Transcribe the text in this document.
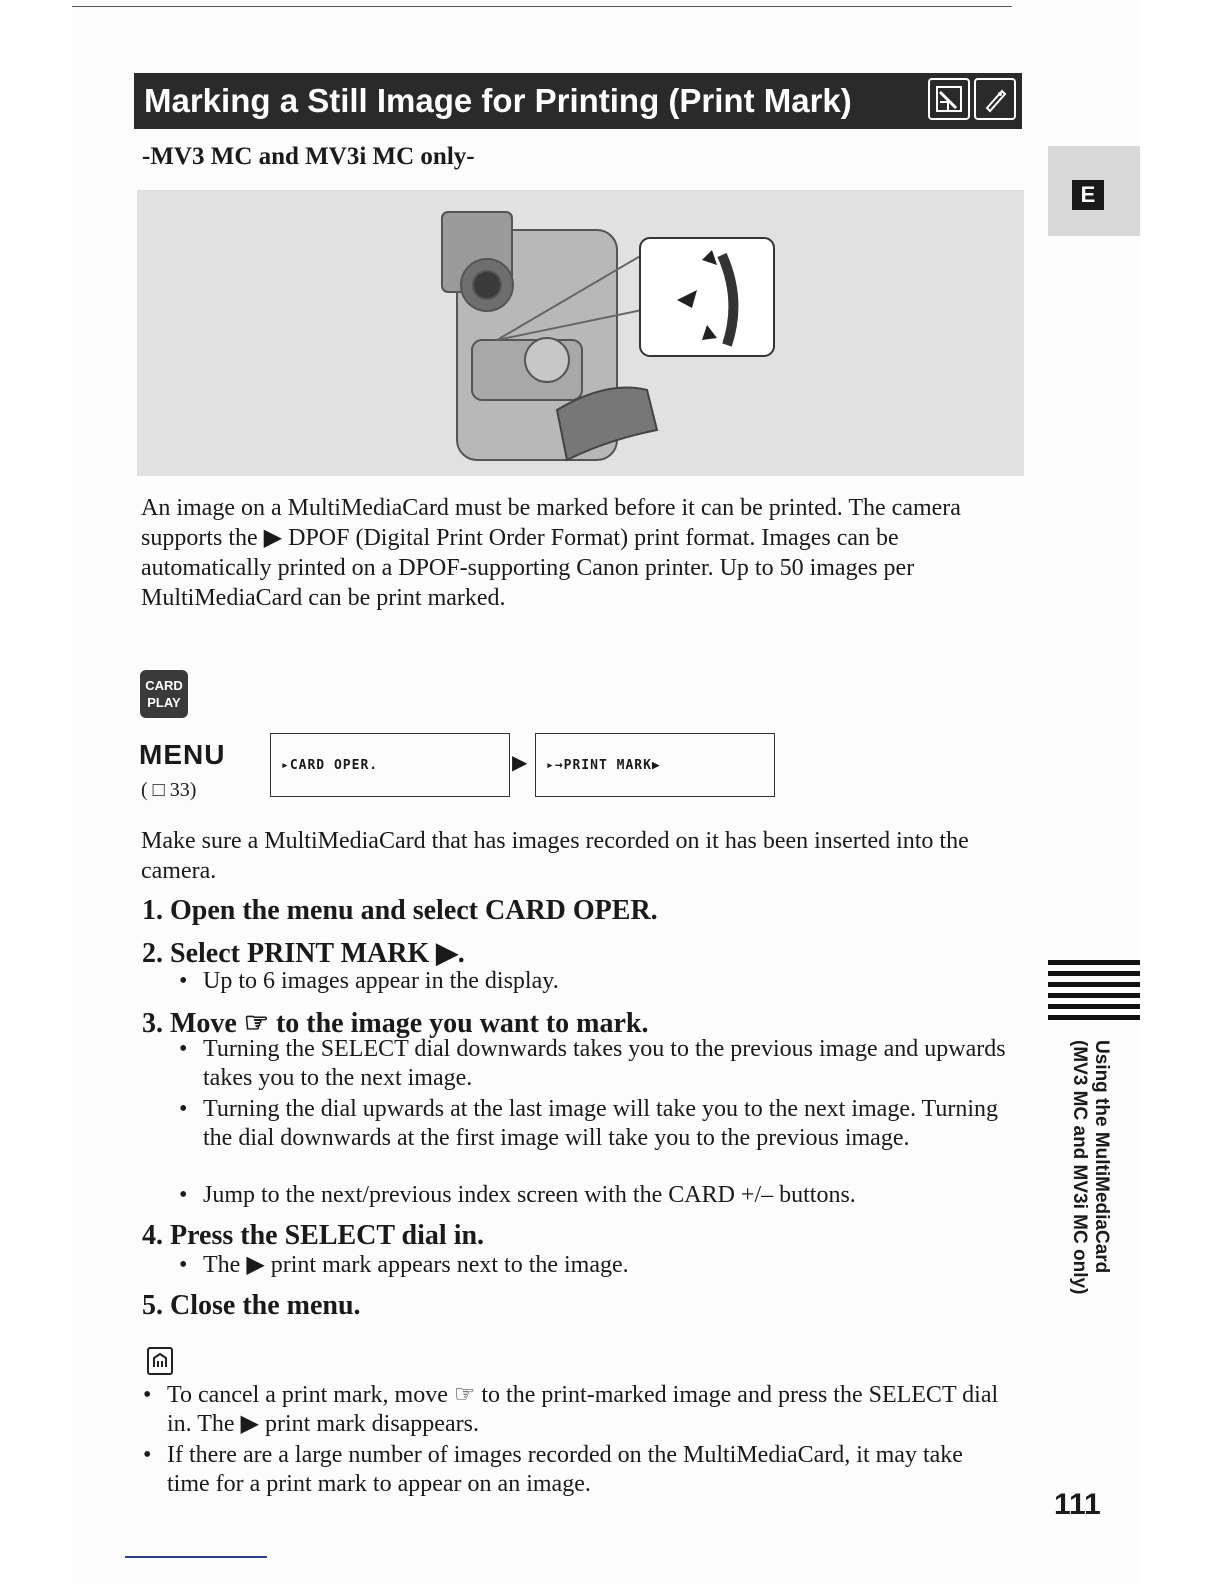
Marking a Still Image for Printing (Print Mark)
-MV3 MC and MV3i MC only-
An image on a MultiMediaCard must be marked before it can be printed. The camera supports the ▶ DPOF (Digital Print Order Format) print format. Images can be automatically printed on a DPOF-supporting Canon printer. Up to 50 images per MultiMediaCard can be print marked.
CARD
PLAY
MENU
( □ 33)
▸CARD OPER.	▶	▸→PRINT MARK▶
Make sure a MultiMediaCard that has images recorded on it has been inserted into the camera.
1. Open the menu and select CARD OPER.
2. Select PRINT MARK ▶.
• Up to 6 images appear in the display.
3. Move ☞ to the image you want to mark.
• Turning the SELECT dial downwards takes you to the previous image and upwards takes you to the next image.
• Turning the dial upwards at the last image will take you to the next image. Turning the dial downwards at the first image will take you to the previous image.
• Jump to the next/previous index screen with the CARD +/– buttons.
4. Press the SELECT dial in.
• The ▶ print mark appears next to the image.
5. Close the menu.
• To cancel a print mark, move ☞ to the print-marked image and press the SELECT dial in. The ▶ print mark disappears.
• If there are a large number of images recorded on the MultiMediaCard, it may take time for a print mark to appear on an image.
E
Using the MultiMediaCard
(MV3 MC and MV3i MC only)
111
